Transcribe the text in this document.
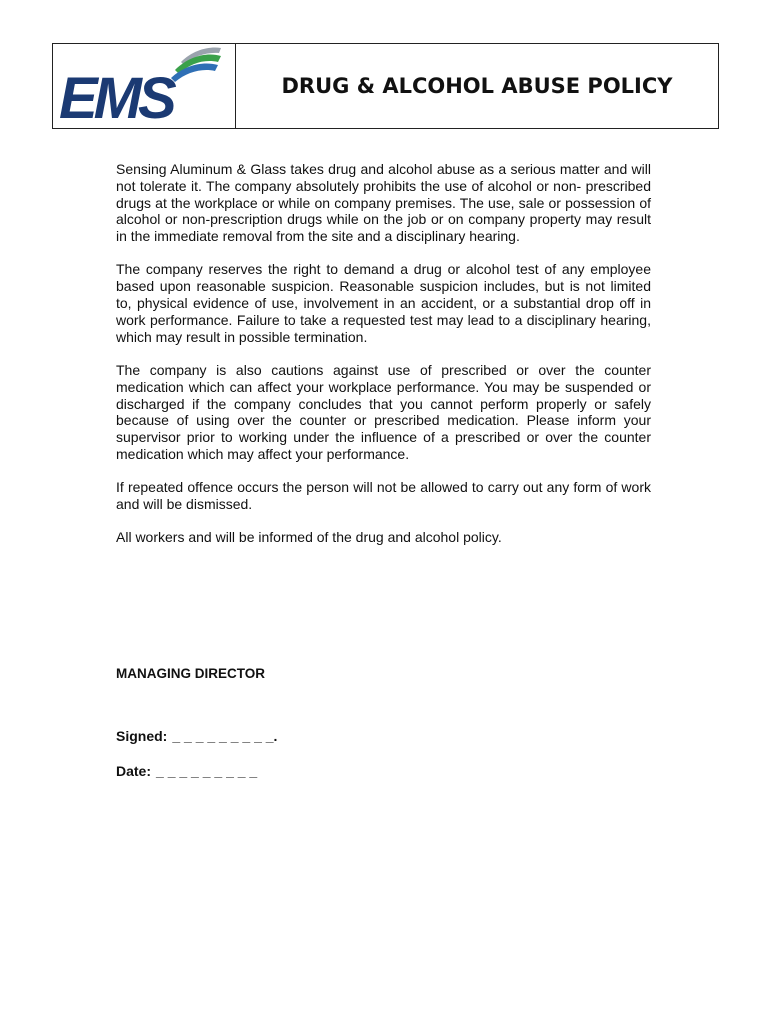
EMS	DRUG & ALCOHOL ABUSE POLICY

Sensing Aluminum & Glass takes drug and alcohol abuse as a serious matter and will not tolerate it. The company absolutely prohibits the use of alcohol or non- prescribed drugs at the workplace or while on company premises. The use, sale or possession of alcohol or non-prescription drugs while on the job or on company property may result in the immediate removal from the site and a disciplinary hearing.

The company reserves the right to demand a drug or alcohol test of any employee based upon reasonable suspicion. Reasonable suspicion includes, but is not limited to, physical evidence of use, involvement in an accident, or a substantial drop off in work performance. Failure to take a requested test may lead to a disciplinary hearing, which may result in possible termination.

The company is also cautions against use of prescribed or over the counter medication which can affect your workplace performance. You may be suspended or discharged if the company concludes that you cannot perform properly or safely because of using over the counter or prescribed medication. Please inform your supervisor prior to working under the influence of a prescribed or over the counter medication which may affect your performance.

If repeated offence occurs the person will not be allowed to carry out any form of work and will be dismissed.

All workers and will be informed of the drug and alcohol policy.

MANAGING DIRECTOR
Signed: _ _ _ _ _ _ _ _ _.
Date: _ _ _ _ _ _ _ _ _
